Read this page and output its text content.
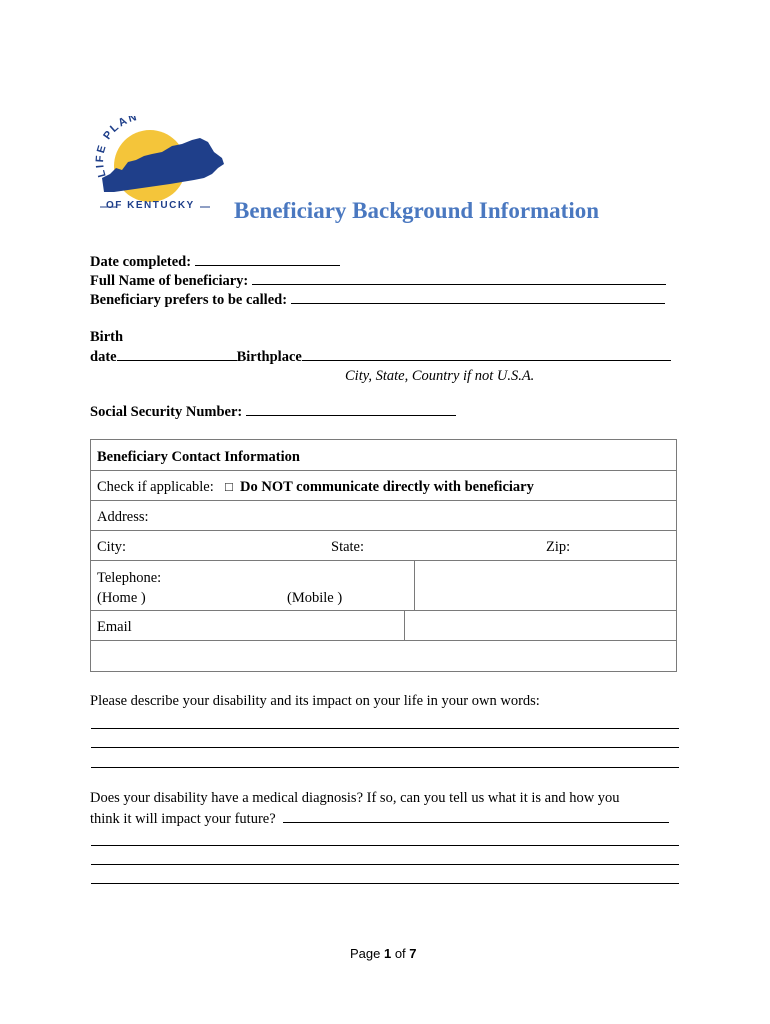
LIFE PLAN
OF KENTUCKY Beneficiary Background Information
Date completed:
Full Name of beneficiary:
Beneficiary prefers to be called:
Birth
date	Birthplace
City, State, Country if not U.S.A.
Social Security Number:
Beneficiary Contact Information
Check if applicable: □ Do NOT communicate directly with beneficiary
Address:
City:	State:	Zip:
Telephone:
(Home )	(Mobile )
Email
Please describe your disability and its impact on your life in your own words:
Does your disability have a medical diagnosis? If so, can you tell us what it is and how you
think it will impact your future?
Page 1 of 7
